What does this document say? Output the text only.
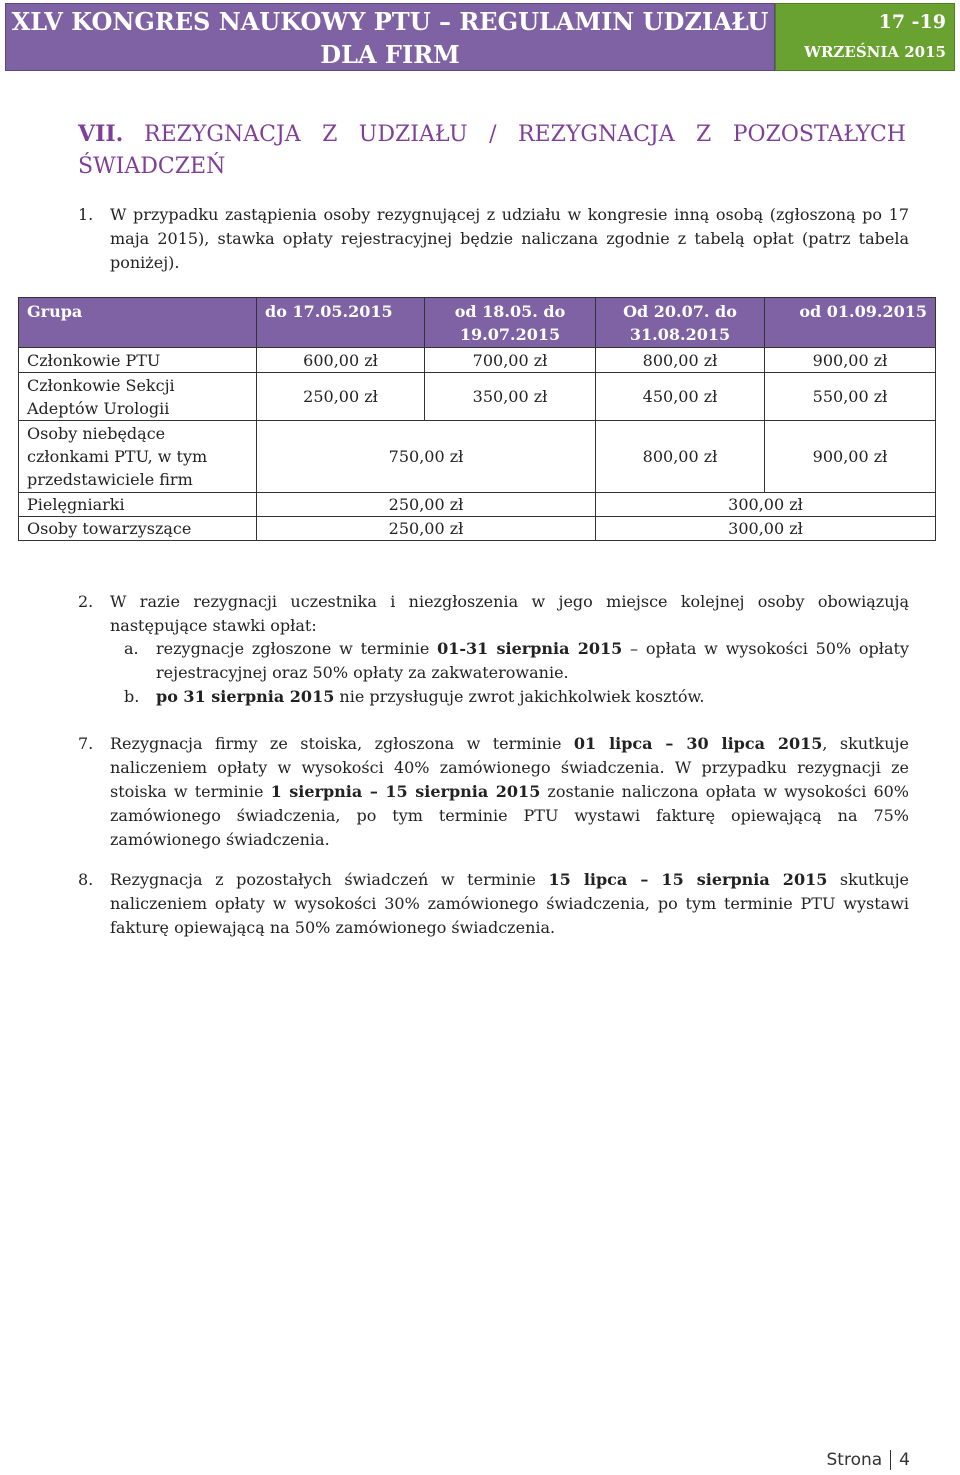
XLV KONGRES NAUKOWY PTU – REGULAMIN UDZIAŁU
DLA FIRM
17 -19
WRZEŚNIA 2015
VII. REZYGNACJA Z UDZIAŁU / REZYGNACJA Z POZOSTAŁYCH
ŚWIADCZEŃ
1. W przypadku zastąpienia osoby rezygnującej z udziału w kongresie inną osobą (zgłoszoną po 17 maja 2015), stawka opłaty rejestracyjnej będzie naliczana zgodnie z tabelą opłat (patrz tabela poniżej).
Grupa	do 17.05.2015	od 18.05. do 19.07.2015	Od 20.07. do 31.08.2015	od 01.09.2015
Członkowie PTU	600,00 zł	700,00 zł	800,00 zł	900,00 zł
Członkowie Sekcji Adeptów Urologii	250,00 zł	350,00 zł	450,00 zł	550,00 zł
Osoby niebędące członkami PTU, w tym przedstawiciele firm	750,00 zł		800,00 zł	900,00 zł
Pielęgniarki	250,00 zł		300,00 zł	
Osoby towarzyszące	250,00 zł		300,00 zł	
2. W razie rezygnacji uczestnika i niezgłoszenia w jego miejsce kolejnej osoby obowiązują następujące stawki opłat:
a. rezygnacje zgłoszone w terminie 01-31 sierpnia 2015 – opłata w wysokości 50% opłaty rejestracyjnej oraz 50% opłaty za zakwaterowanie.
b. po 31 sierpnia 2015 nie przysługuje zwrot jakichkolwiek kosztów.
7. Rezygnacja firmy ze stoiska, zgłoszona w terminie 01 lipca – 30 lipca 2015, skutkuje naliczeniem opłaty w wysokości 40% zamówionego świadczenia. W przypadku rezygnacji ze stoiska w terminie 1 sierpnia – 15 sierpnia 2015 zostanie naliczona opłata w wysokości 60% zamówionego świadczenia, po tym terminie PTU wystawi fakturę opiewającą na 75% zamówionego świadczenia.
8. Rezygnacja z pozostałych świadczeń w terminie 15 lipca – 15 sierpnia 2015 skutkuje naliczeniem opłaty w wysokości 30% zamówionego świadczenia, po tym terminie PTU wystawi fakturę opiewającą na 50% zamówionego świadczenia.
Strona 4
